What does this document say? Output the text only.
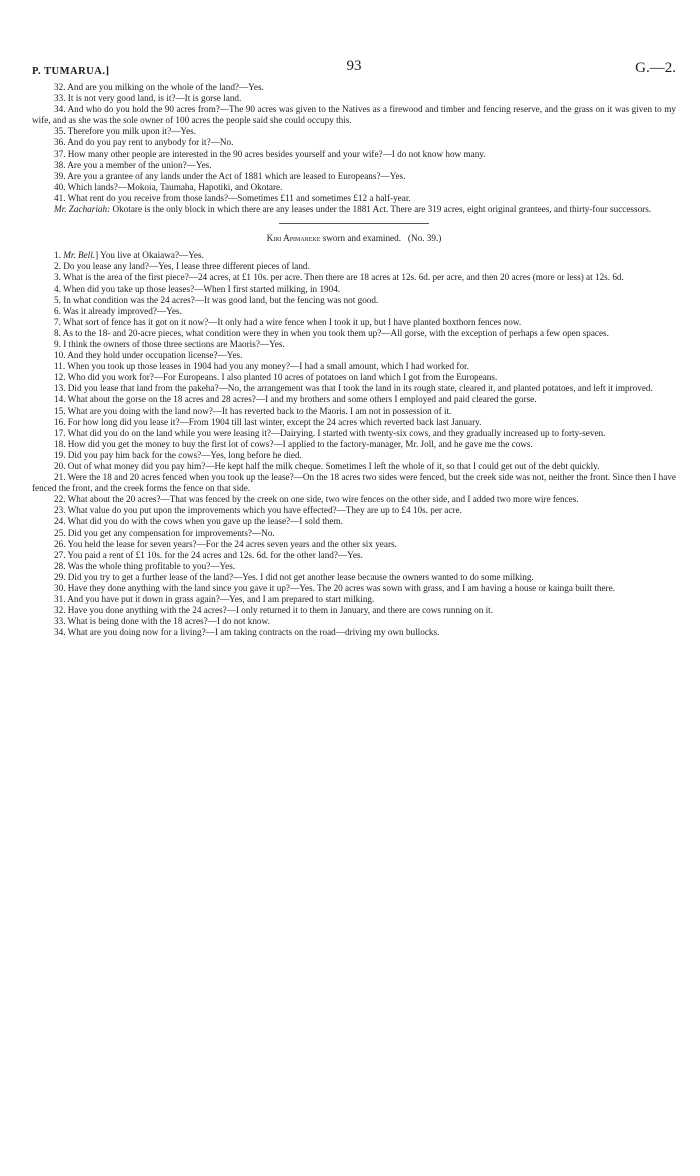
P. TUMARUA.]	93	G.—2.

32. And are you milking on the whole of the land?—Yes.

33. It is not very good land, is it?—It is gorse land.

34. And who do you hold the 90 acres from?—The 90 acres was given to the Natives as a firewood and timber and fencing reserve, and the grass on it was given to my wife, and as she was the sole owner of 100 acres the people said she could occupy this.

35. Therefore you milk upon it?—Yes.

36. And do you pay rent to anybody for it?—No.

37. How many other people are interested in the 90 acres besides yourself and your wife?—I do not know how many.

38. Are you a member of the union?—Yes.

39. Are you a grantee of any lands under the Act of 1881 which are leased to Europeans?—Yes.

40. Which lands?—Mokoia, Taumaha, Hapotiki, and Okotare.

41. What rent do you receive from those lands?—Sometimes £11 and sometimes £12 a half-year.

Mr. Zachariah: Okotare is the only block in which there are any leases under the 1881 Act. There are 319 acres, eight original grantees, and thirty-four successors.

Kiri Apimareke sworn and examined. (No. 39.)

1. Mr. Bell.] You live at Okaiawa?—Yes.

2. Do you lease any land?—Yes, I lease three different pieces of land.

3. What is the area of the first piece?—24 acres, at £1 10s. per acre. Then there are 18 acres at 12s. 6d. per acre, and then 20 acres (more or less) at 12s. 6d.

4. When did you take up those leases?—When I first started milking, in 1904.

5. In what condition was the 24 acres?—It was good land, but the fencing was not good.

6. Was it already improved?—Yes.

7. What sort of fence has it got on it now?—It only had a wire fence when I took it up, but I have planted boxthorn fences now.

8. As to the 18- and 20-acre pieces, what condition were they in when you took them up?—All gorse, with the exception of perhaps a few open spaces.

9. I think the owners of those three sections are Maoris?—Yes.

10. And they hold under occupation license?—Yes.

11. When you took up those leases in 1904 had you any money?—I had a small amount, which I had worked for.

12. Who did you work for?—For Europeans. I also planted 10 acres of potatoes on land which I got from the Europeans.

13. Did you lease that land from the pakeha?—No, the arrangement was that I took the land in its rough state, cleared it, and planted potatoes, and left it improved.

14. What about the gorse on the 18 acres and 28 acres?—I and my brothers and some others I employed and paid cleared the gorse.

15. What are you doing with the land now?—It has reverted back to the Maoris. I am not in possession of it.

16. For how long did you lease it?—From 1904 till last winter, except the 24 acres which reverted back last January.

17. What did you do on the land while you were leasing it?—Dairying. I started with twenty-six cows, and they gradually increased up to forty-seven.

18. How did you get the money to buy the first lot of cows?—I applied to the factory-manager, Mr. Joll, and he gave me the cows.

19. Did you pay him back for the cows?—Yes, long before he died.

20. Out of what money did you pay him?—He kept half the milk cheque. Sometimes I left the whole of it, so that I could get out of the debt quickly.

21. Were the 18 and 20 acres fenced when you took up the lease?—On the 18 acres two sides were fenced, but the creek side was not, neither the front. Since then I have fenced the front, and the creek forms the fence on that side.

22. What about the 20 acres?—That was fenced by the creek on one side, two wire fences on the other side, and I added two more wire fences.

23. What value do you put upon the improvements which you have effected?—They are up to £4 10s. per acre.

24. What did you do with the cows when you gave up the lease?—I sold them.

25. Did you get any compensation for improvements?—No.

26. You held the lease for seven years?—For the 24 acres seven years and the other six years.

27. You paid a rent of £1 10s. for the 24 acres and 12s. 6d. for the other land?—Yes.

28. Was the whole thing profitable to you?—Yes.

29. Did you try to get a further lease of the land?—Yes. I did not get another lease because the owners wanted to do some milking.

30. Have they done anything with the land since you gave it up?—Yes. The 20 acres was sown with grass, and I am having a house or kainga built there.

31. And you have put it down in grass again?—Yes, and I am prepared to start milking.

32. Have you done anything with the 24 acres?—I only returned it to them in January, and there are cows running on it.

33. What is being done with the 18 acres?—I do not know.

34. What are you doing now for a living?—I am taking contracts on the road—driving my own bullocks.
